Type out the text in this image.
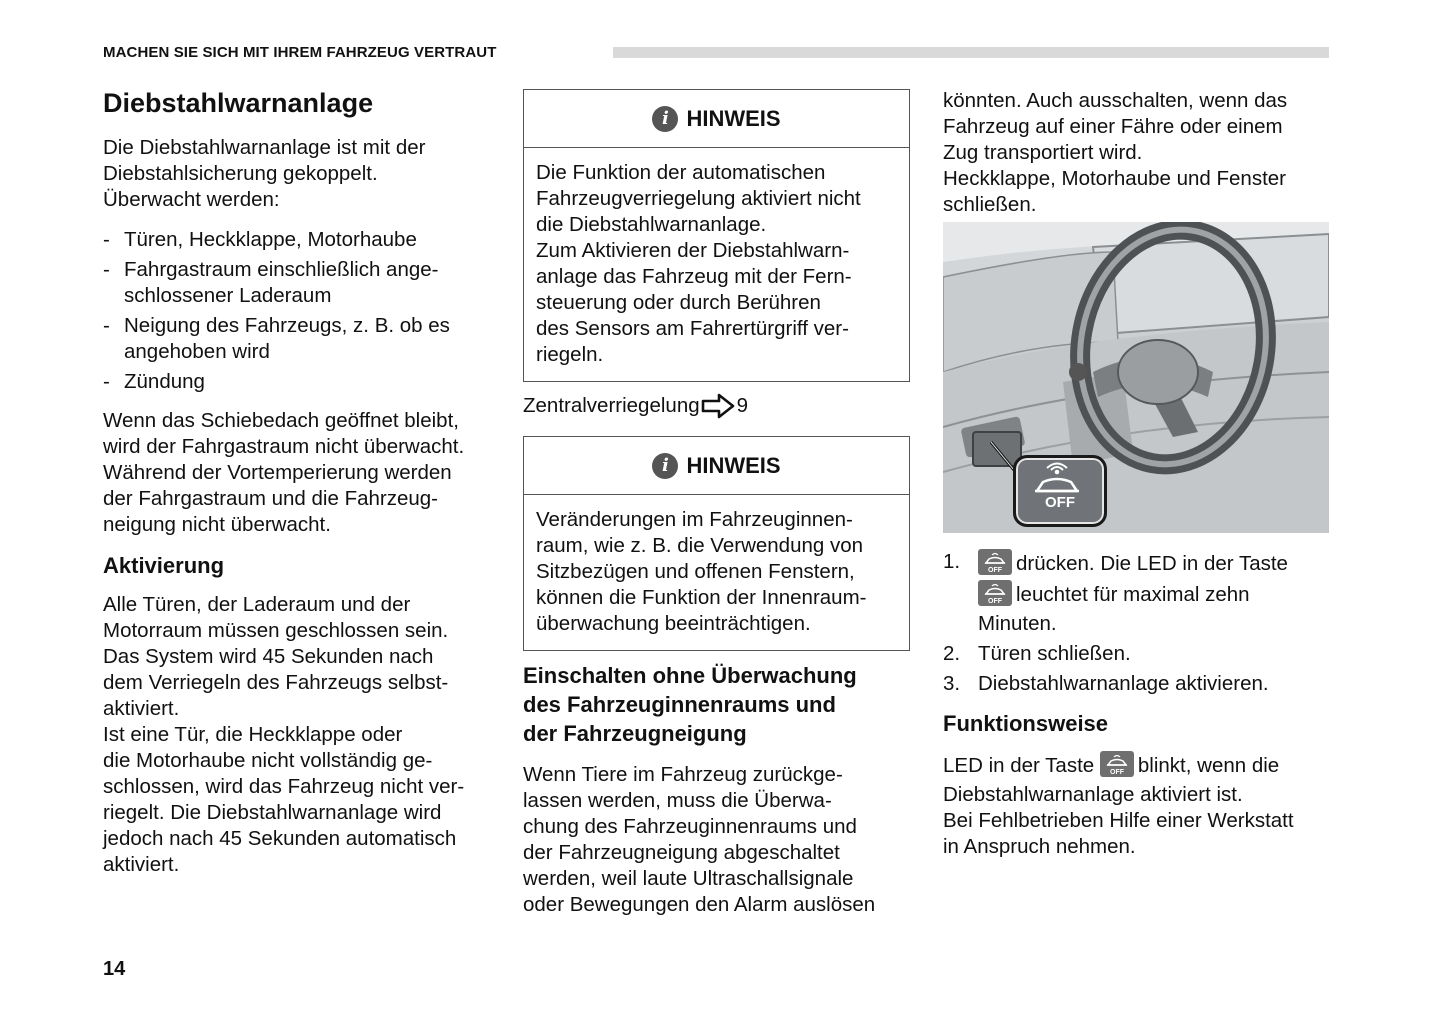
MACHEN SIE SICH MIT IHREM FAHRZEUG VERTRAUT
Diebstahlwarnanlage
Die Diebstahlwarnanlage ist mit der
Diebstahlsicherung gekoppelt.
Überwacht werden:
- Türen, Heckklappe, Motorhaube
- Fahrgastraum einschließlich ange-
schlossener Laderaum
- Neigung des Fahrzeugs, z. B. ob es
angehoben wird
- Zündung
Wenn das Schiebedach geöffnet bleibt,
wird der Fahrgastraum nicht überwacht.
Während der Vortemperierung werden
der Fahrgastraum und die Fahrzeug-
neigung nicht überwacht.
Aktivierung
Alle Türen, der Laderaum und der
Motorraum müssen geschlossen sein.
Das System wird 45 Sekunden nach
dem Verriegeln des Fahrzeugs selbst-
aktiviert.
Ist eine Tür, die Heckklappe oder
die Motorhaube nicht vollständig ge-
schlossen, wird das Fahrzeug nicht ver-
riegelt. Die Diebstahlwarnanlage wird
jedoch nach 45 Sekunden automatisch
aktiviert.
i HINWEIS
Die Funktion der automatischen
Fahrzeugverriegelung aktiviert nicht
die Diebstahlwarnanlage.
Zum Aktivieren der Diebstahlwarn-
anlage das Fahrzeug mit der Fern-
steuerung oder durch Berühren
des Sensors am Fahrertürgriff ver-
riegeln.
Zentralverriegelung 9
i HINWEIS
Veränderungen im Fahrzeuginnen-
raum, wie z. B. die Verwendung von
Sitzbezügen und offenen Fenstern,
können die Funktion der Innenraum-
überwachung beeinträchtigen.
Einschalten ohne Überwachung
des Fahrzeuginnenraums und
der Fahrzeugneigung
Wenn Tiere im Fahrzeug zurückge-
lassen werden, muss die Überwa-
chung des Fahrzeuginnenraums und
der Fahrzeugneigung abgeschaltet
werden, weil laute Ultraschallsignale
oder Bewegungen den Alarm auslösen
könnten. Auch ausschalten, wenn das
Fahrzeug auf einer Fähre oder einem
Zug transportiert wird.
Heckklappe, Motorhaube und Fenster
schließen.
OFF
1.	OFF drücken. Die LED in der Taste
OFF leuchtet für maximal zehn
Minuten.
2. Türen schließen.
3. Diebstahlwarnanlage aktivieren.
Funktionsweise
LED in der Taste OFF blinkt, wenn die
Diebstahlwarnanlage aktiviert ist.
Bei Fehlbetrieben Hilfe einer Werkstatt
in Anspruch nehmen.
14
